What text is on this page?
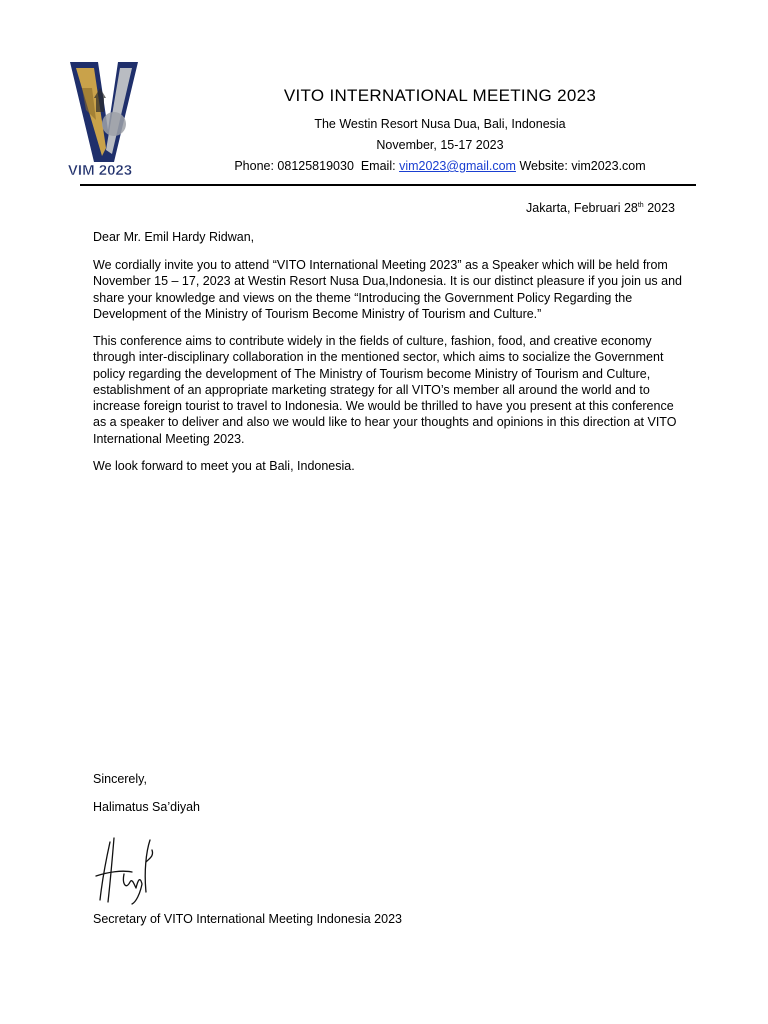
VIM 2023
VITO INTERNATIONAL MEETING 2023
The Westin Resort Nusa Dua, Bali, Indonesia
November, 15-17 2023
Phone: 08125819030 Email: vim2023@gmail.com Website: vim2023.com
Jakarta, Februari 28th 2023
Dear Mr. Emil Hardy Ridwan,
We cordially invite you to attend “VITO International Meeting 2023” as a Speaker which will be held from November 15 – 17, 2023 at Westin Resort Nusa Dua,Indonesia. It is our distinct pleasure if you join us and share your knowledge and views on the theme “Introducing the Government Policy Regarding the Development of the Ministry of Tourism Become Ministry of Tourism and Culture.”
This conference aims to contribute widely in the fields of culture, fashion, food, and creative economy through inter-disciplinary collaboration in the mentioned sector, which aims to socialize the Government policy regarding the development of The Ministry of Tourism become Ministry of Tourism and Culture, establishment of an appropriate marketing strategy for all VITO’s member all around the world and to increase foreign tourist to travel to Indonesia. We would be thrilled to have you present at this conference as a speaker to deliver and also we would like to hear your thoughts and opinions in this direction at VITO International Meeting 2023.
We look forward to meet you at Bali, Indonesia.
Sincerely,
Halimatus Sa’diyah
Secretary of VITO International Meeting Indonesia 2023
